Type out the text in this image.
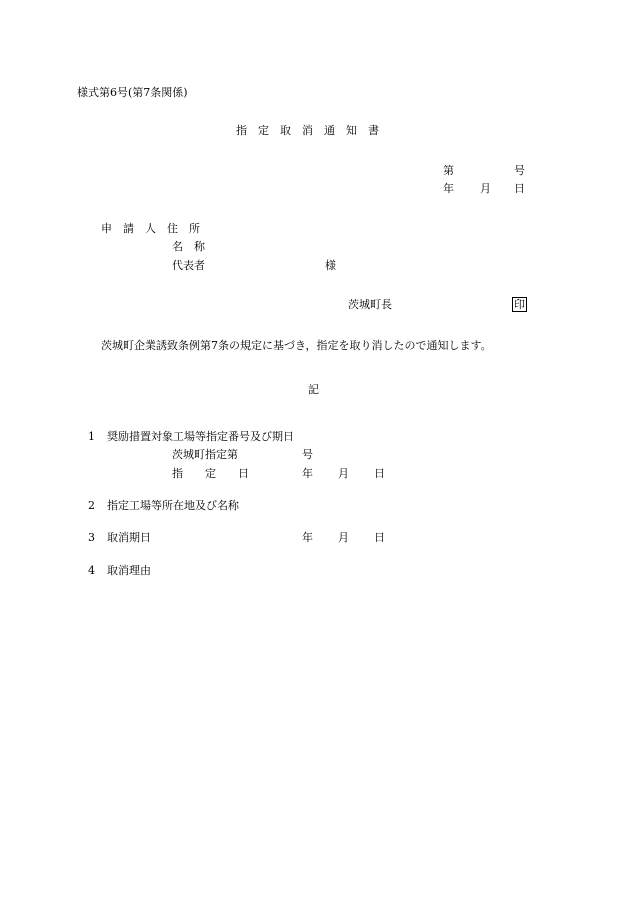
様式第6号(第7条関係)
指　定　取　消　通　知　書
第	号
年 月 日
申　請　人　住　所
名　称
代表者	様
茨城町長	印
茨城町企業誘致条例第7条の規定に基づき，指定を取り消したので通知します。
記
1 奨励措置対象工場等指定番号及び期日
茨城町指定第	号
指　　定　　日	年 月 日
2 指定工場等所在地及び名称
3 取消期日	年 月 日
4 取消理由
